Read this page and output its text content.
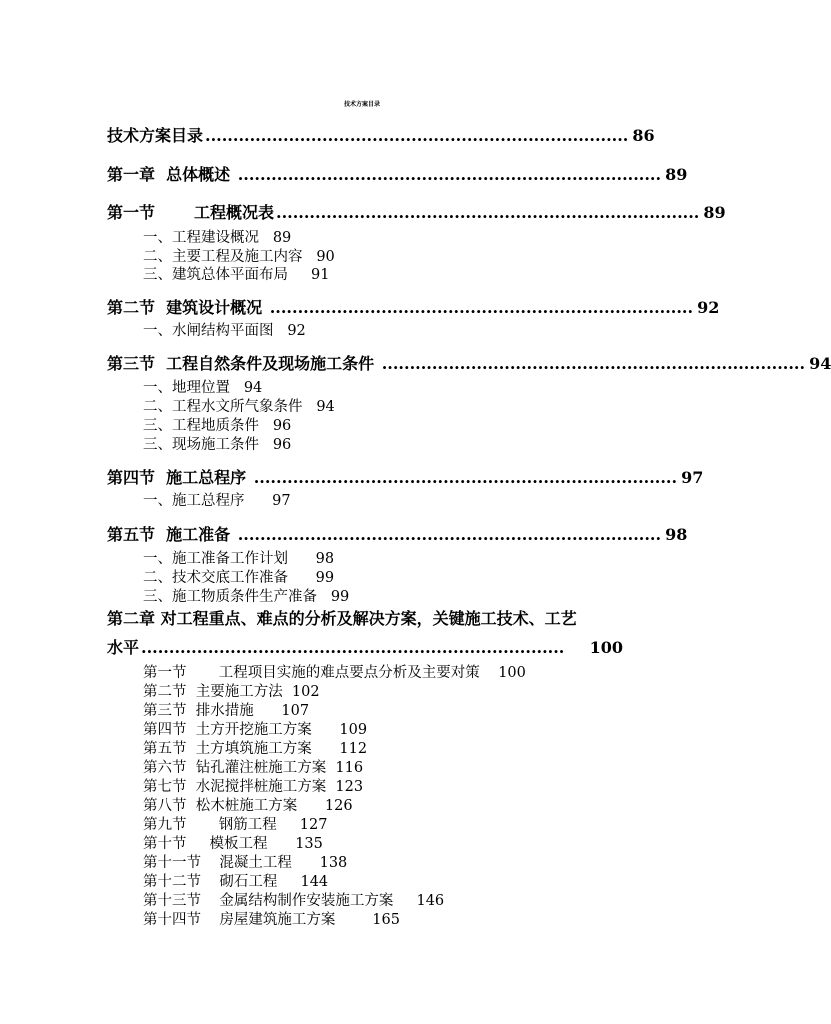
技术方案目录
技术方案目录 ............................................................................ 86
第一章  总体概述 ............................................................................ 89
第一节       工程概况表 ............................................................................ 89
一、工程建设概况   89
二、主要工程及施工内容   90
三、建筑总体平面布局     91
第二节  建筑设计概况 ............................................................................ 92
一、水闸结构平面图   92
第三节  工程自然条件及现场施工条件 ............................................................................ 94
一、地理位置   94
二、工程水文所气象条件   94
三、工程地质条件   96
三、现场施工条件   96
第四节  施工总程序 ............................................................................ 97
一、施工总程序      97
第五节  施工准备 ............................................................................ 98
一、施工准备工作计划      98
二、技术交底工作准备      99
三、施工物质条件生产准备   99
第二章 对工程重点、难点的分析及解决方案，关键施工技术、工艺
水平 ............................................................................	100
第一节       工程项目实施的难点要点分析及主要对策    100
第二节  主要施工方法  102
第三节  排水措施      107
第四节  土方开挖施工方案      109
第五节  土方填筑施工方案      112
第六节  钻孔灌注桩施工方案  116
第七节  水泥搅拌桩施工方案  123
第八节  松木桩施工方案      126
第九节       钢筋工程     127
第十节     模板工程      135
第十一节    混凝土工程      138
第十二节    砌石工程     144
第十三节    金属结构制作安装施工方案     146
第十四节    房屋建筑施工方案        165
